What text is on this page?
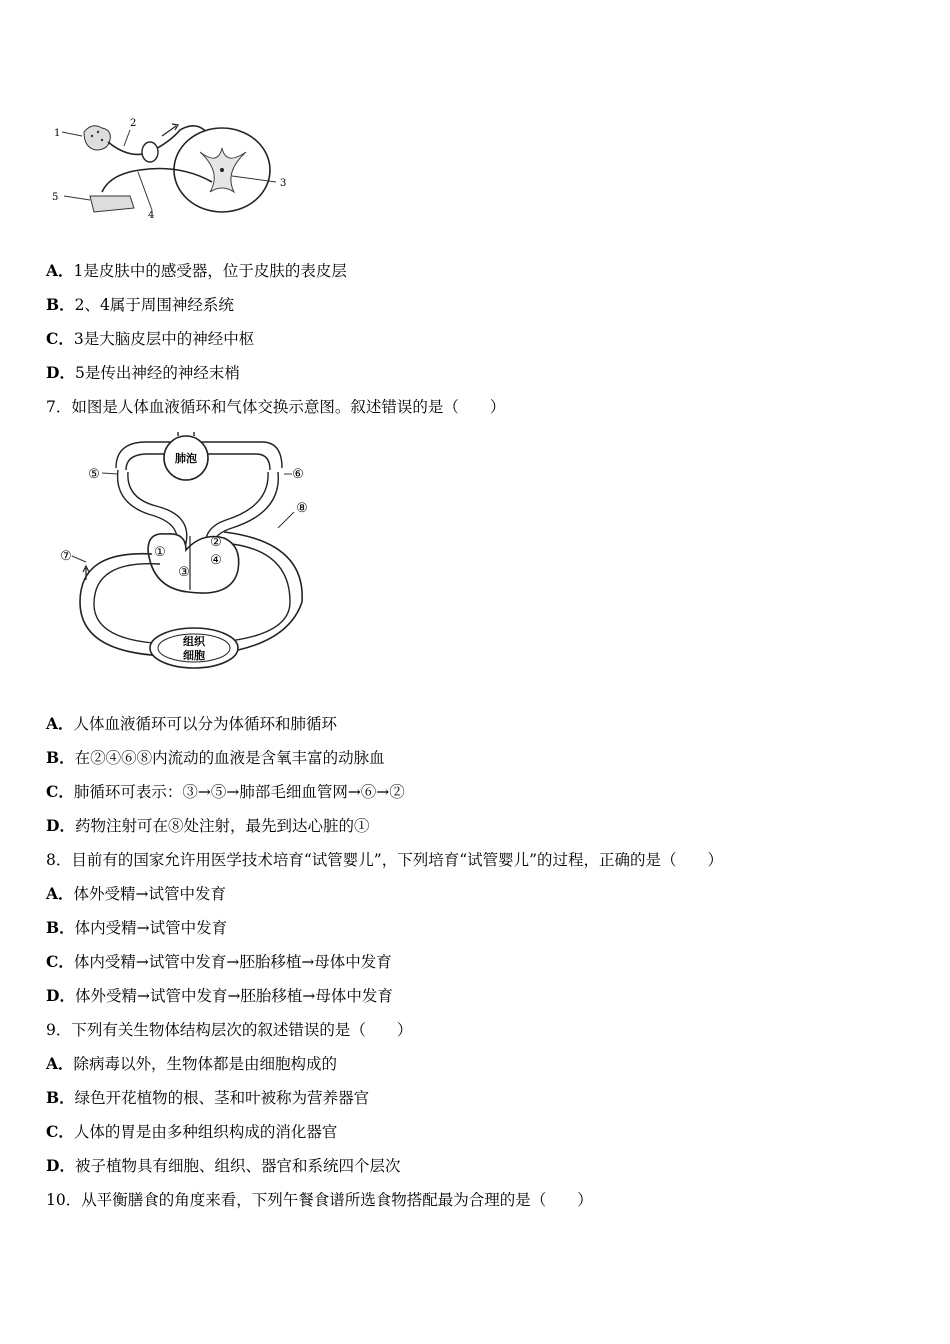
1
2
3
4
5
A．1是皮肤中的感受器，位于皮肤的表皮层
B．2、4属于周围神经系统
C．3是大脑皮层中的神经中枢
D．5是传出神经的神经末梢
7．如图是人体血液循环和气体交换示意图。叙述错误的是（　　）
肺泡
组织
细胞
①
②
③
④
⑤	⑥
⑦
⑧
A．人体血液循环可以分为体循环和肺循环
B．在②④⑥⑧内流动的血液是含氧丰富的动脉血
C．肺循环可表示：③→⑤→肺部毛细血管网→⑥→②
D．药物注射可在⑧处注射，最先到达心脏的①
8．目前有的国家允许用医学技术培育“试管婴儿”，下列培育“试管婴儿”的过程，正确的是（　　）
A．体外受精→试管中发育
B．体内受精→试管中发育
C．体内受精→试管中发育→胚胎移植→母体中发育
D．体外受精→试管中发育→胚胎移植→母体中发育
9．下列有关生物体结构层次的叙述错误的是（　　）
A．除病毒以外，生物体都是由细胞构成的
B．绿色开花植物的根、茎和叶被称为营养器官
C．人体的胃是由多种组织构成的消化器官
D．被子植物具有细胞、组织、器官和系统四个层次
10．从平衡膳食的角度来看，下列午餐食谱所选食物搭配最为合理的是（　　）
